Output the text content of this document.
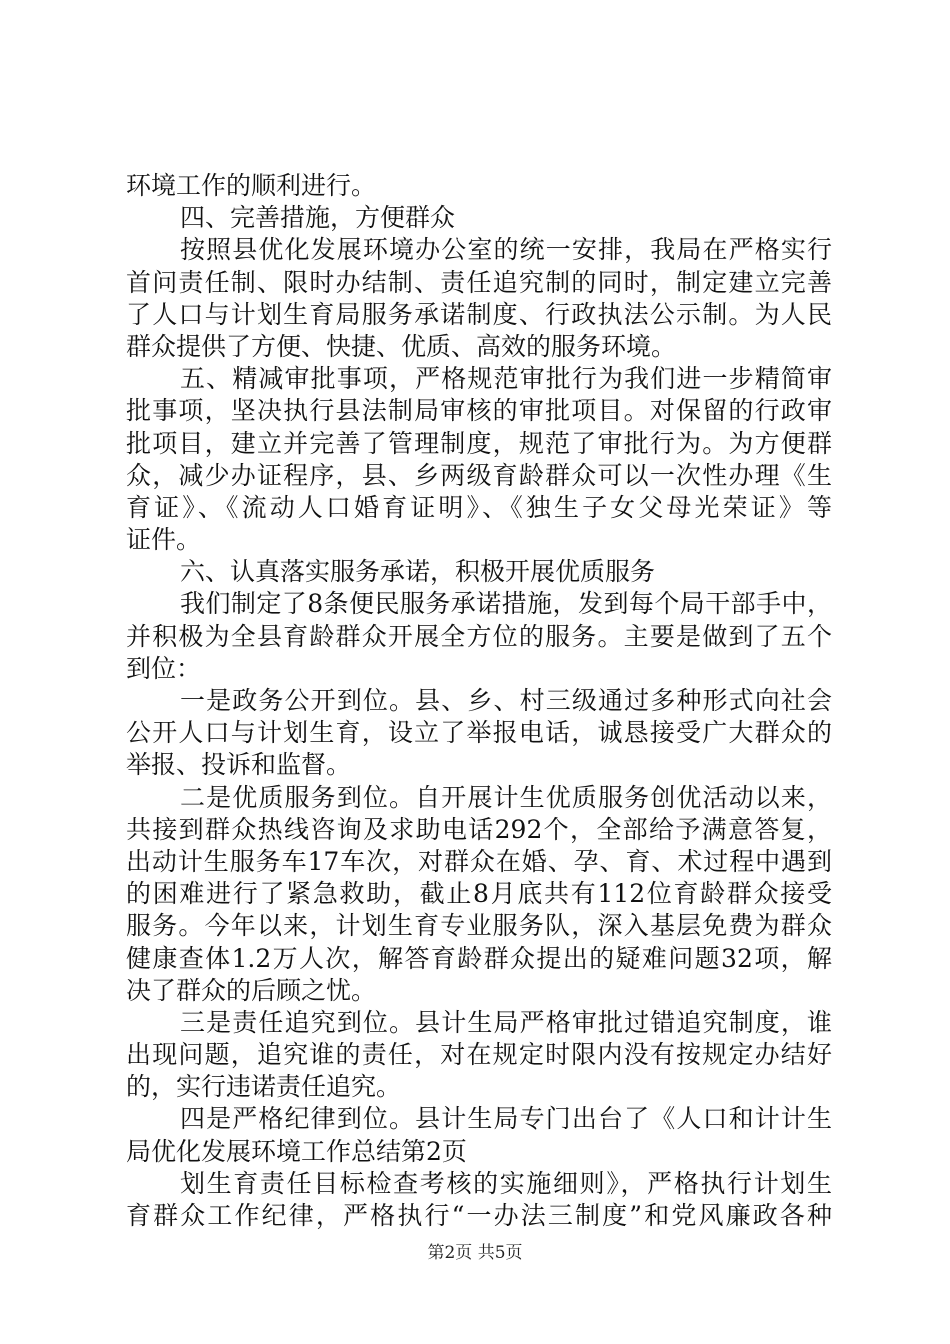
环境工作的顺利进行。
四、完善措施，方便群众
按照县优化发展环境办公室的统一安排，我局在严格实行
首问责任制、限时办结制、责任追究制的同时，制定建立完善
了人口与计划生育局服务承诺制度、行政执法公示制。为人民
群众提供了方便、快捷、优质、高效的服务环境。
五、精减审批事项，严格规范审批行为我们进一步精简审
批事项，坚决执行县法制局审核的审批项目。对保留的行政审
批项目，建立并完善了管理制度，规范了审批行为。为方便群
众，减少办证程序，县、乡两级育龄群众可以一次性办理《生
育证》、《流动人口婚育证明》、《独生子女父母光荣证》等
证件。
六、认真落实服务承诺，积极开展优质服务
我们制定了8条便民服务承诺措施，发到每个局干部手中，
并积极为全县育龄群众开展全方位的服务。主要是做到了五个
到位：
一是政务公开到位。县、乡、村三级通过多种形式向社会
公开人口与计划生育，设立了举报电话，诚恳接受广大群众的
举报、投诉和监督。
二是优质服务到位。自开展计生优质服务创优活动以来，
共接到群众热线咨询及求助电话292个，全部给予满意答复，
出动计生服务车17车次，对群众在婚、孕、育、术过程中遇到
的困难进行了紧急救助，截止8月底共有112位育龄群众接受
服务。今年以来，计划生育专业服务队，深入基层免费为群众
健康查体1.2万人次，解答育龄群众提出的疑难问题32项，解
决了群众的后顾之忧。
三是责任追究到位。县计生局严格审批过错追究制度，谁
出现问题，追究谁的责任，对在规定时限内没有按规定办结好
的，实行违诺责任追究。
四是严格纪律到位。县计生局专门出台了《人口和计计生
局优化发展环境工作总结第2页
划生育责任目标检查考核的实施细则》，严格执行计划生
育群众工作纪律，严格执行“一办法三制度”和党风廉政各种
第2页 共5页
